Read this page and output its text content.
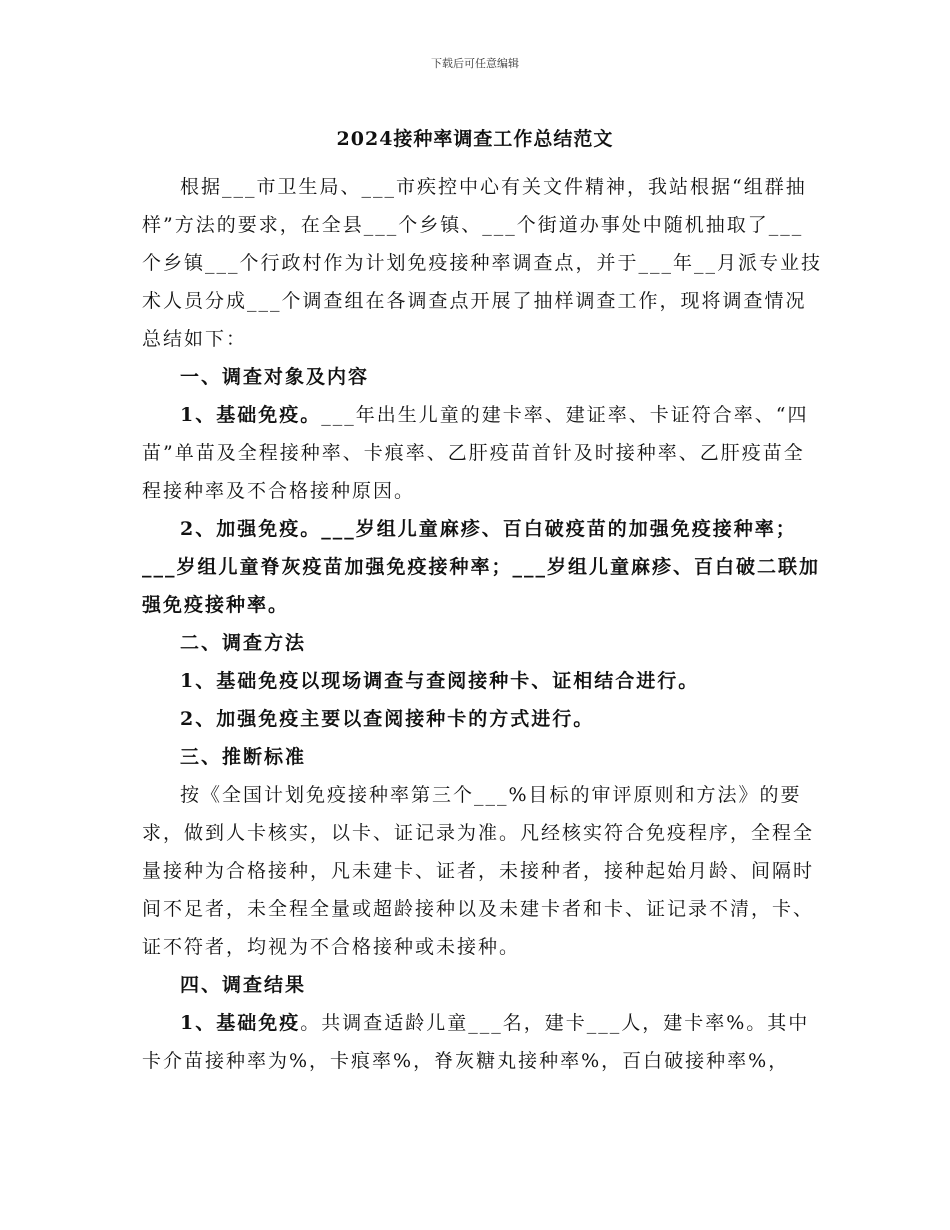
下载后可任意编辑
2024接种率调查工作总结范文

根据___市卫生局、___市疾控中心有关文件精神，我站根据“组群抽样”方法的要求，在全县___个乡镇、___个街道办事处中随机抽取了___个乡镇___个行政村作为计划免疫接种率调查点，并于___年__月派专业技术人员分成___个调查组在各调查点开展了抽样调查工作，现将调查情况总结如下：

一、调查对象及内容

1、基础免疫。___年出生儿童的建卡率、建证率、卡证符合率、“四苗”单苗及全程接种率、卡痕率、乙肝疫苗首针及时接种率、乙肝疫苗全程接种率及不合格接种原因。

2、加强免疫。___岁组儿童麻疹、百白破疫苗的加强免疫接种率；___岁组儿童脊灰疫苗加强免疫接种率；___岁组儿童麻疹、百白破二联加强免疫接种率。

二、调查方法

1、基础免疫以现场调查与查阅接种卡、证相结合进行。

2、加强免疫主要以查阅接种卡的方式进行。

三、推断标准

按《全国计划免疫接种率第三个___%目标的审评原则和方法》的要求，做到人卡核实，以卡、证记录为准。凡经核实符合免疫程序，全程全量接种为合格接种，凡未建卡、证者，未接种者，接种起始月龄、间隔时间不足者，未全程全量或超龄接种以及未建卡者和卡、证记录不清，卡、证不符者，均视为不合格接种或未接种。

四、调查结果

1、基础免疫。共调查适龄儿童___名，建卡___人，建卡率%。其中卡介苗接种率为%，卡痕率%，脊灰糖丸接种率%，百白破接种率%，
